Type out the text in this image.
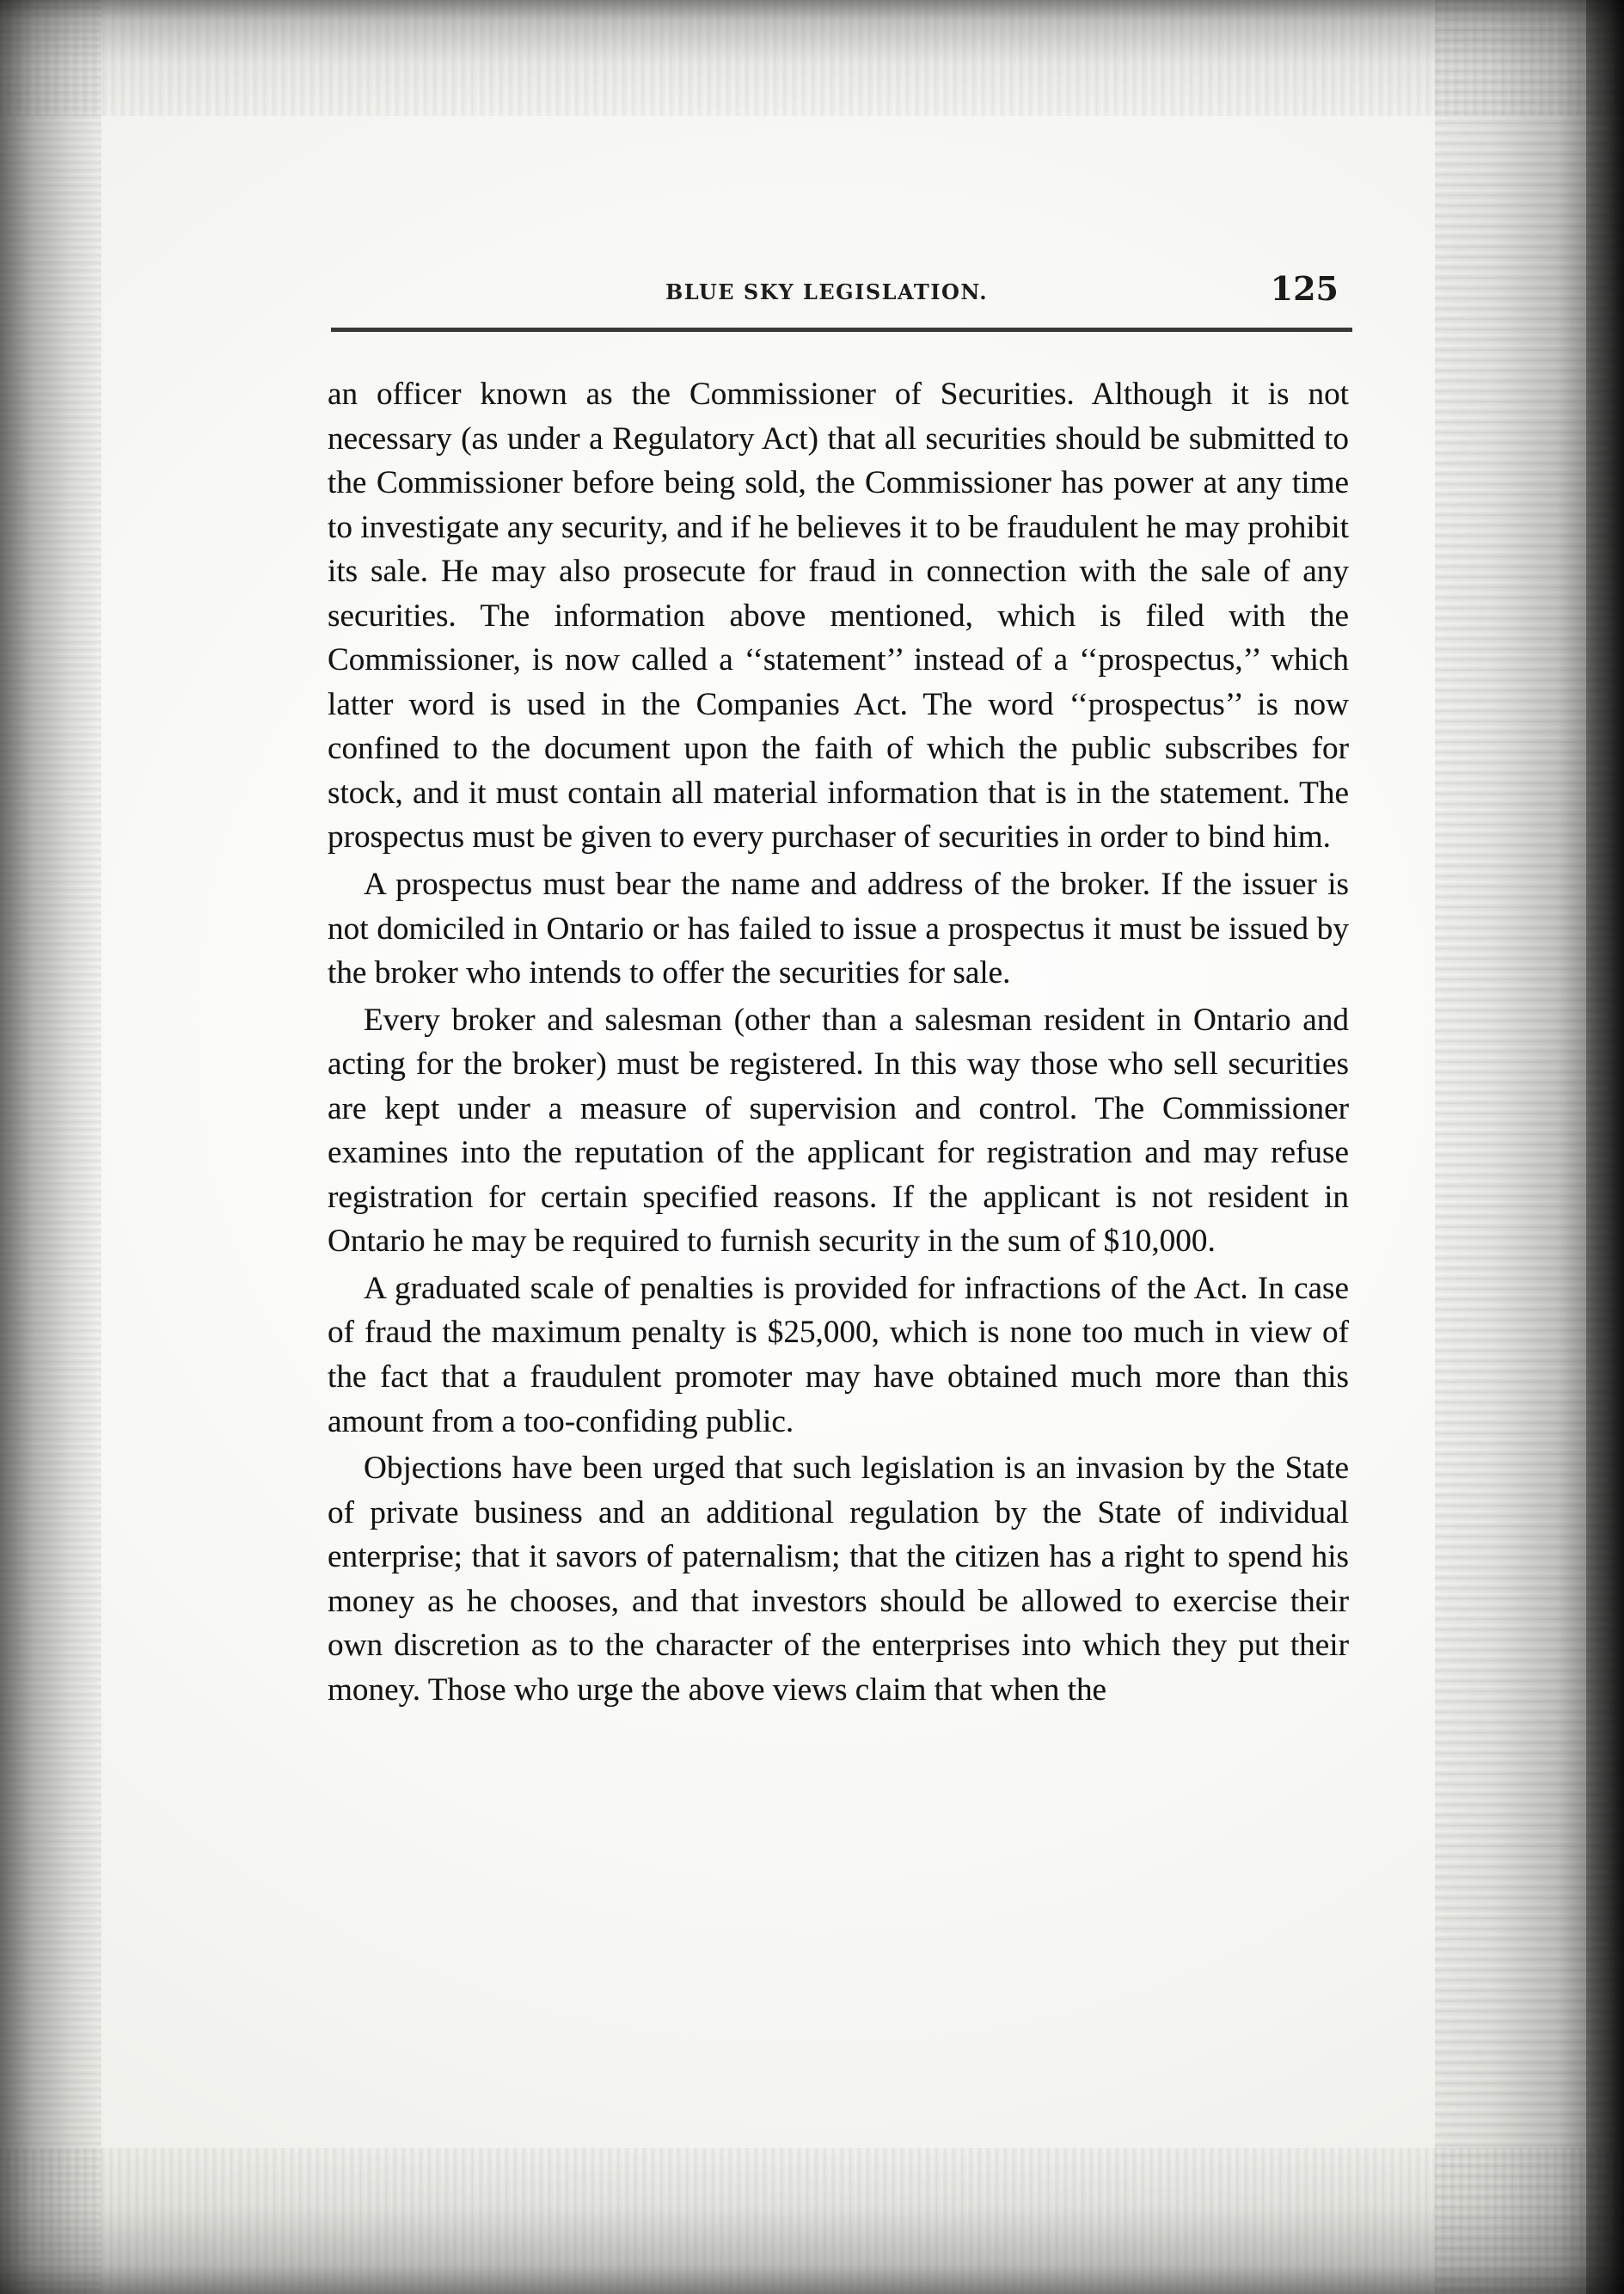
BLUE SKY LEGISLATION.	125

an officer known as the Commissioner of Securities. Although it is not necessary (as under a Regulatory Act) that all securities should be submitted to the Commissioner before being sold, the Commissioner has power at any time to investigate any security, and if he believes it to be fraudulent he may prohibit its sale. He may also prosecute for fraud in connection with the sale of any securities. The information above mentioned, which is filed with the Commissioner, is now called a ‘‘statement’’ instead of a ‘‘prospectus,’’ which latter word is used in the Companies Act. The word ‘‘prospectus’’ is now confined to the document upon the faith of which the public subscribes for stock, and it must contain all material information that is in the statement. The prospectus must be given to every purchaser of securities in order to bind him.

A prospectus must bear the name and address of the broker. If the issuer is not domiciled in Ontario or has failed to issue a prospectus it must be issued by the broker who intends to offer the securities for sale.

Every broker and salesman (other than a salesman resident in Ontario and acting for the broker) must be registered. In this way those who sell securities are kept under a measure of supervision and control. The Commissioner examines into the reputation of the applicant for registration and may refuse registration for certain specified reasons. If the applicant is not resident in Ontario he may be required to furnish security in the sum of $10,000.

A graduated scale of penalties is provided for infractions of the Act. In case of fraud the maximum penalty is $25,000, which is none too much in view of the fact that a fraudulent promoter may have obtained much more than this amount from a too-confiding public.

Objections have been urged that such legislation is an invasion by the State of private business and an additional regulation by the State of individual enterprise; that it savors of paternalism; that the citizen has a right to spend his money as he chooses, and that investors should be allowed to exercise their own discretion as to the character of the enterprises into which they put their money. Those who urge the above views claim that when the
